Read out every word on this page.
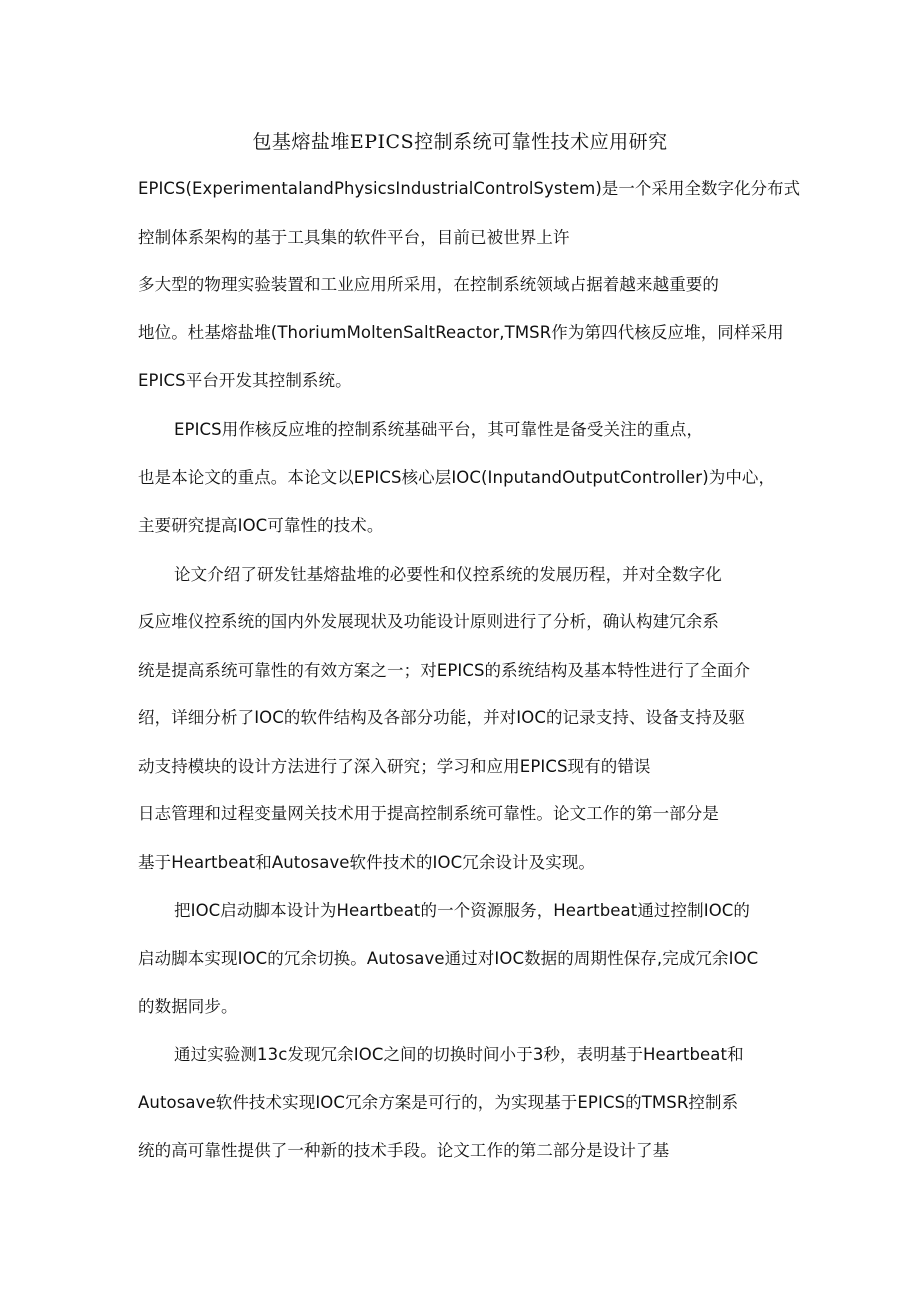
包基熔盐堆EPICS控制系统可靠性技术应用研究
EPICS(ExperimentalandPhysicsIndustrialControlSystem)是一个采用全数字化分布式
控制体系架构的基于工具集的软件平台，目前已被世界上许
多大型的物理实验装置和工业应用所采用，在控制系统领域占据着越来越重要的
地位。杜基熔盐堆(ThoriumMoltenSaltReactor,TMSR作为第四代核反应堆，同样采用
EPICS平台开发其控制系统。
EPICS用作核反应堆的控制系统基础平台，其可靠性是备受关注的重点，
也是本论文的重点。本论文以EPICS核心层IOC(InputandOutputController)为中心，
主要研究提高IOC可靠性的技术。
论文介绍了研发钍基熔盐堆的必要性和仪控系统的发展历程，并对全数字化
反应堆仪控系统的国内外发展现状及功能设计原则进行了分析，确认构建冗余系
统是提高系统可靠性的有效方案之一；对EPICS的系统结构及基本特性进行了全面介
绍，详细分析了IOC的软件结构及各部分功能，并对IOC的记录支持、设备支持及驱
动支持模块的设计方法进行了深入研究；学习和应用EPICS现有的错误
日志管理和过程变量网关技术用于提高控制系统可靠性。论文工作的第一部分是
基于Heartbeat和Autosave软件技术的IOC冗余设计及实现。
把IOC启动脚本设计为Heartbeat的一个资源服务，Heartbeat通过控制IOC的
启动脚本实现IOC的冗余切换。Autosave通过对IOC数据的周期性保存,完成冗余IOC
的数据同步。
通过实验测13c发现冗余IOC之间的切换时间小于3秒，表明基于Heartbeat和
Autosave软件技术实现IOC冗余方案是可行的，为实现基于EPICS的TMSR控制系
统的高可靠性提供了一种新的技术手段。论文工作的第二部分是设计了基
